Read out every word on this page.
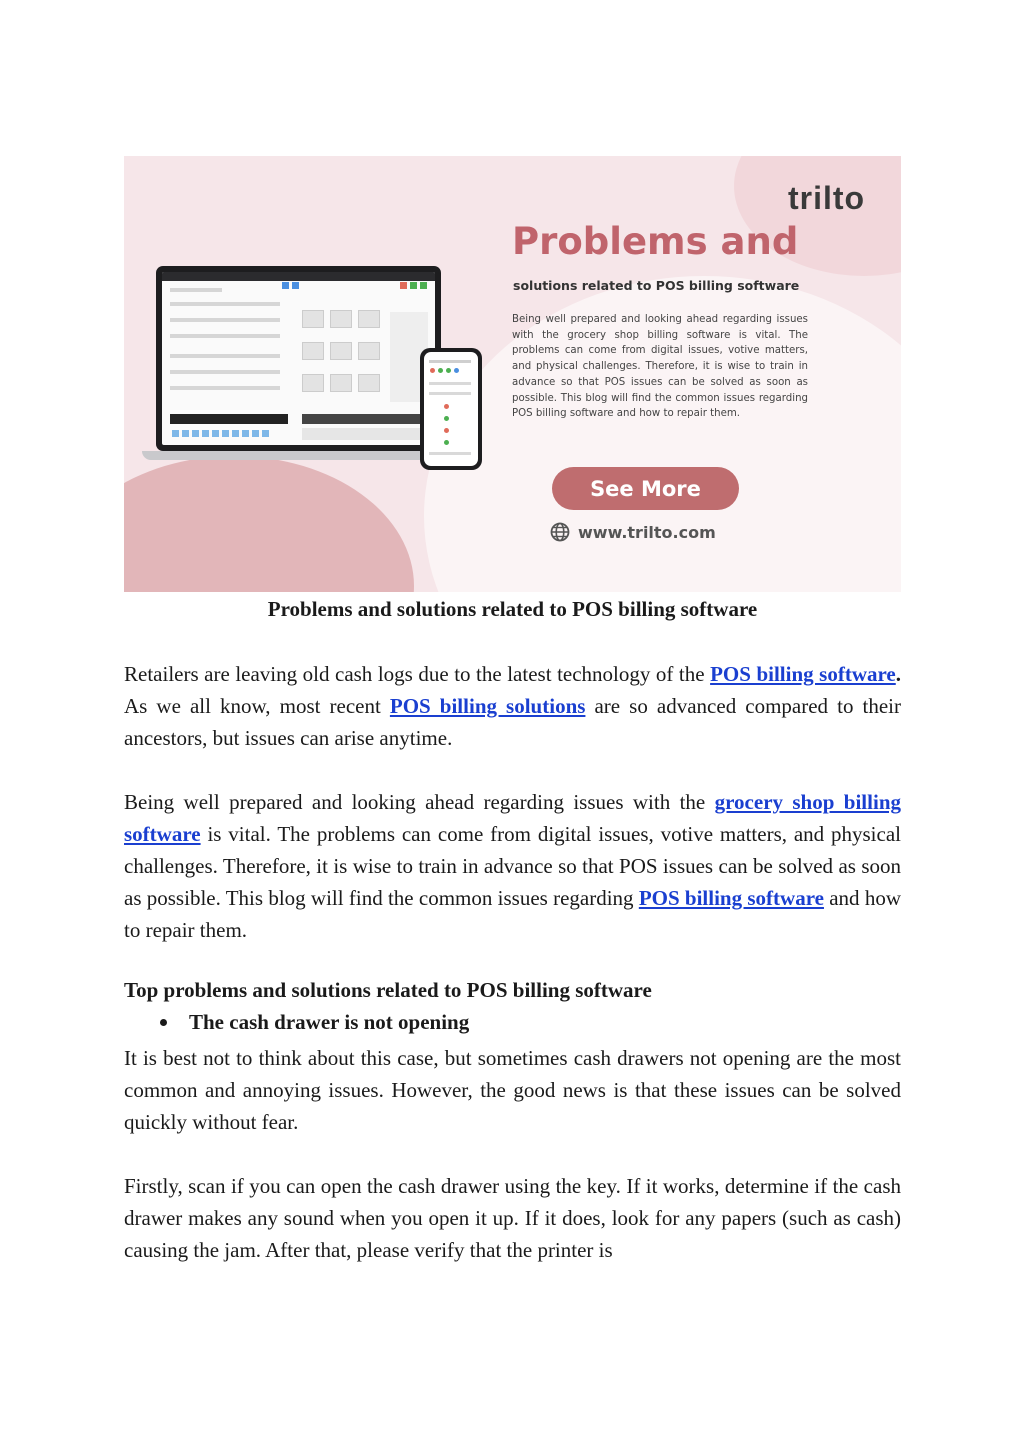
trilto
Problems and
solutions related to POS billing software
Being well prepared and looking ahead regarding issues with the grocery shop billing software is vital. The problems can come from digital issues, votive matters, and physical challenges. Therefore, it is wise to train in advance so that POS issues can be solved as soon as possible. This blog will find the common issues regarding POS billing software and how to repair them.
See More
www.trilto.com
Problems and solutions related to POS billing software

Retailers are leaving old cash logs due to the latest technology of the POS billing software. As we all know, most recent POS billing solutions are so advanced compared to their ancestors, but issues can arise anytime.

Being well prepared and looking ahead regarding issues with the grocery shop billing software is vital. The problems can come from digital issues, votive matters, and physical challenges. Therefore, it is wise to train in advance so that POS issues can be solved as soon as possible. This blog will find the common issues regarding POS billing software and how to repair them.

Top problems and solutions related to POS billing software
The cash drawer is not opening

It is best not to think about this case, but sometimes cash drawers not opening are the most common and annoying issues. However, the good news is that these issues can be solved quickly without fear.

Firstly, scan if you can open the cash drawer using the key. If it works, determine if the cash drawer makes any sound when you open it up. If it does, look for any papers (such as cash) causing the jam. After that, please verify that the printer is
